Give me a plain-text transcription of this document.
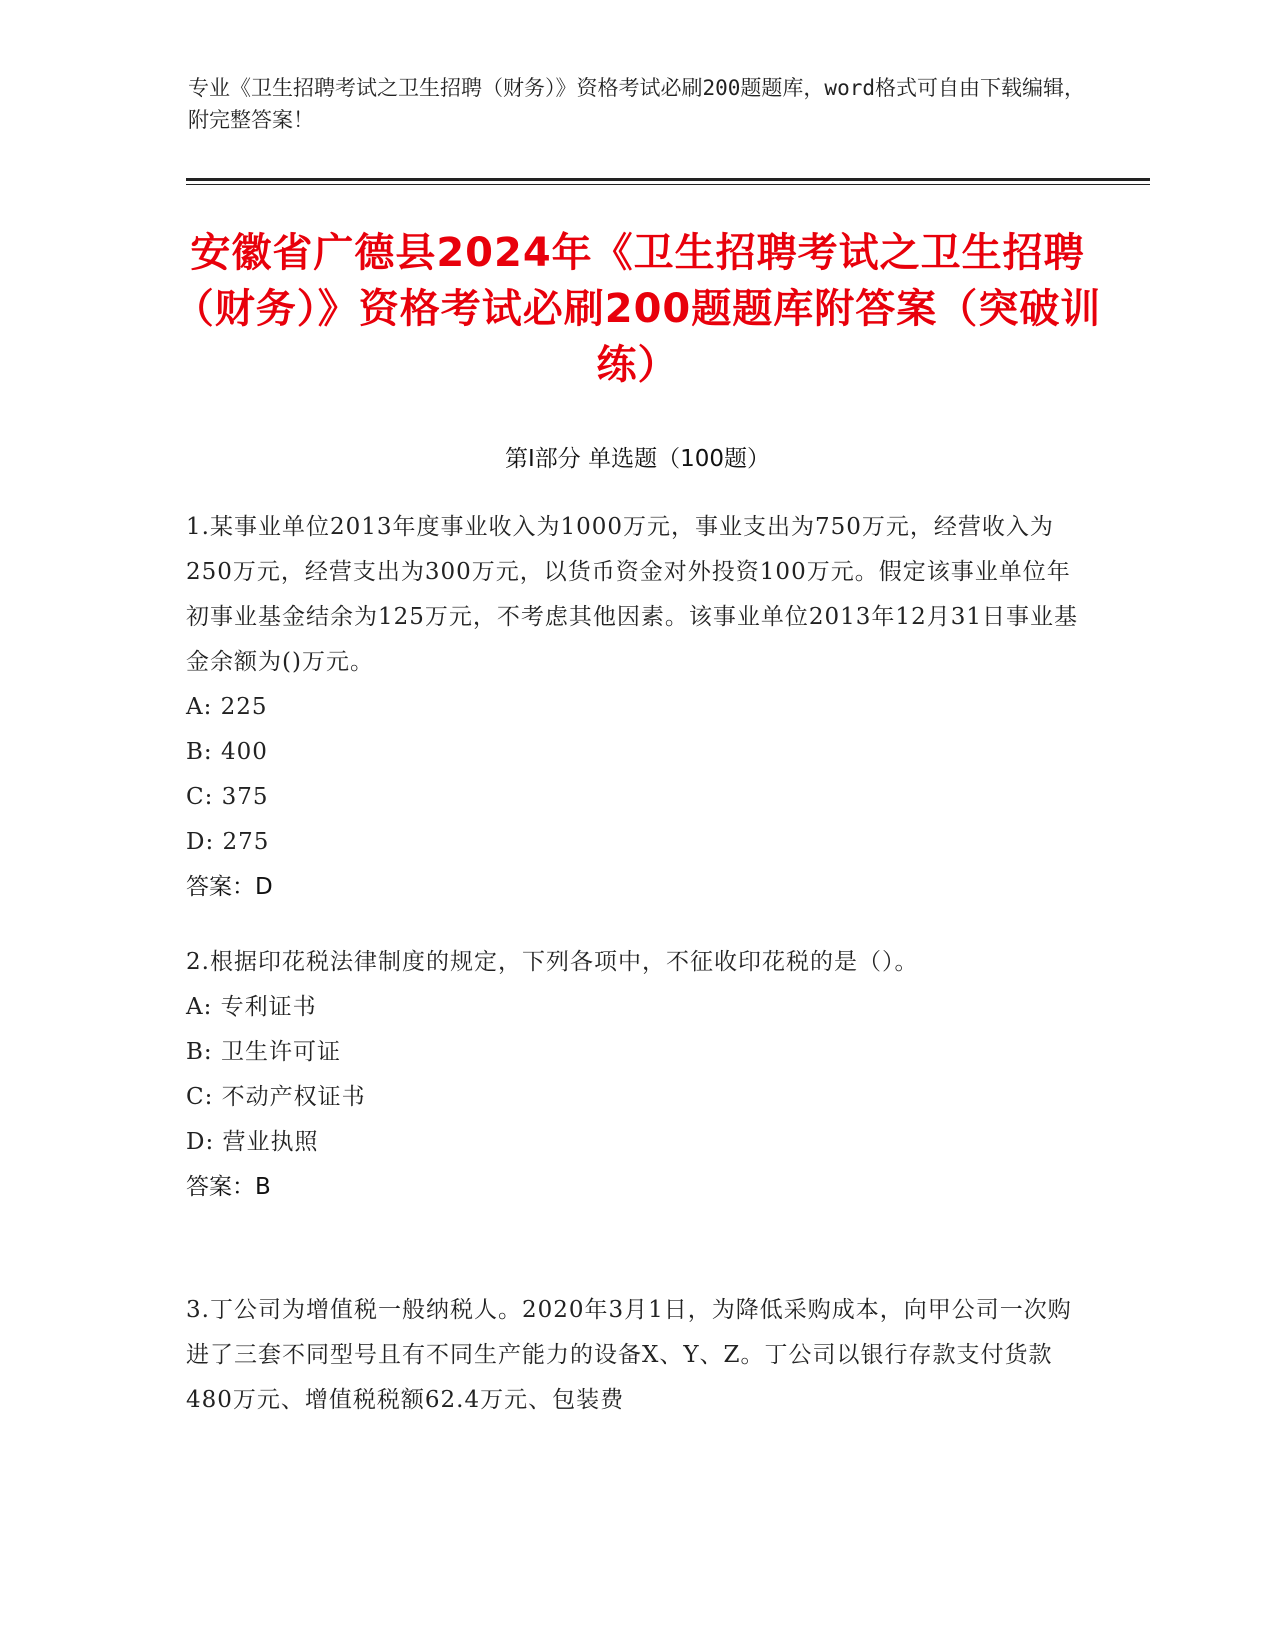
专业《卫生招聘考试之卫生招聘（财务）》资格考试必刷200题题库，word格式可自由下载编辑，附完整答案！
安徽省广德县2024年《卫生招聘考试之卫生招聘（财务）》资格考试必刷200题题库附答案（突破训练）
第I部分 单选题（100题）
1.某事业单位2013年度事业收入为1000万元，事业支出为750万元，经营收入为250万元，经营支出为300万元，以货币资金对外投资100万元。假定该事业单位年初事业基金结余为125万元，不考虑其他因素。该事业单位2013年12月31日事业基金余额为()万元。
A: 225
B: 400
C: 375
D: 275
答案：D
2.根据印花税法律制度的规定，下列各项中，不征收印花税的是（）。
A: 专利证书
B: 卫生许可证
C: 不动产权证书
D: 营业执照
答案：B
3.丁公司为增值税一般纳税人。2020年3月1日，为降低采购成本，向甲公司一次购进了三套不同型号且有不同生产能力的设备X、Y、Z。丁公司以银行存款支付货款480万元、增值税税额62.4万元、包装费
